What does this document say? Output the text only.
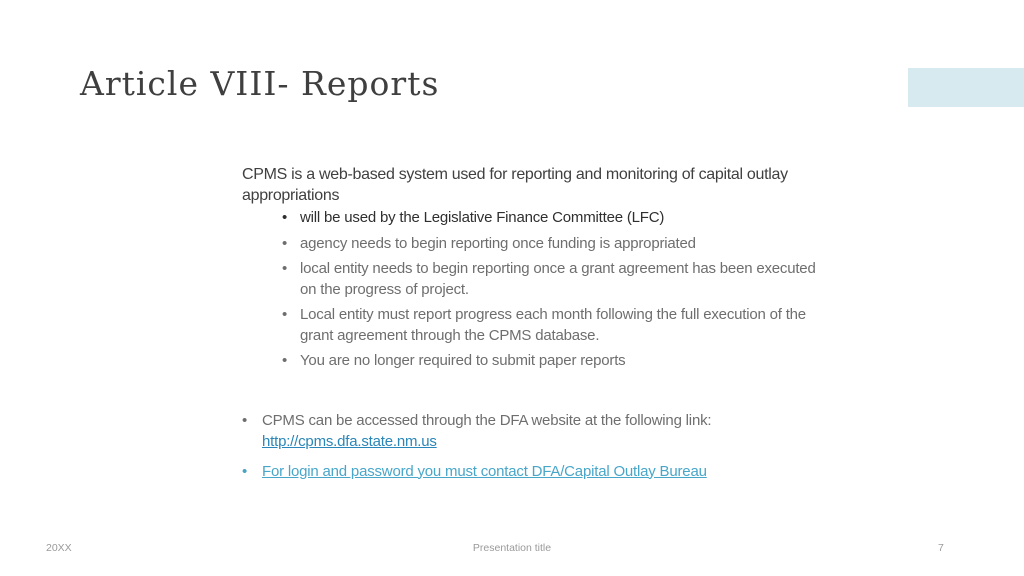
Article VIII- Reports
CPMS is a web-based system used for reporting and monitoring of capital outlay appropriations
• will be used by the Legislative Finance Committee (LFC)
• agency needs to begin reporting once funding is appropriated
• local entity needs to begin reporting once a grant agreement has been executed on the progress of project.
• Local entity must report progress each month following the full execution of the grant agreement through the CPMS database.
• You are no longer required to submit paper reports
• CPMS can be accessed through the DFA website at the following link: http://cpms.dfa.state.nm.us
• For login and password you must contact DFA/Capital Outlay Bureau
20XX	Presentation title	7
